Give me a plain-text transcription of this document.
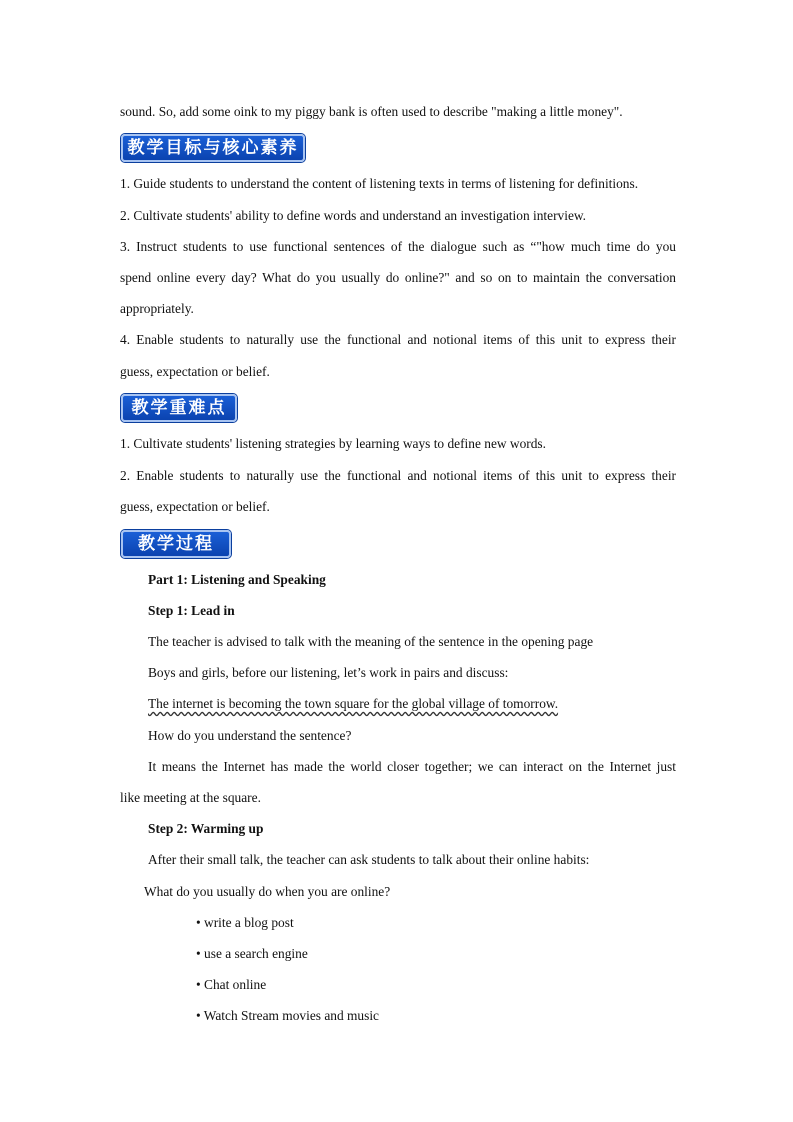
sound. So, add some oink to my piggy bank is often used to describe "making a little money".
教学目标与核心素养
1. Guide students to understand the content of listening texts in terms of listening for definitions.
2. Cultivate students' ability to define words and understand an investigation interview.
3. Instruct students to use functional sentences of the dialogue such as “"how much time do you
spend online every day? What do you usually do online?" and so on to maintain the conversation
appropriately.
4. Enable students to naturally use the functional and notional items of this unit to express their
guess, expectation or belief.
教学重难点
1. Cultivate students' listening strategies by learning ways to define new words.
2. Enable students to naturally use the functional and notional items of this unit to express their
guess, expectation or belief.
教学过程
Part 1: Listening and Speaking
Step 1: Lead in
The teacher is advised to talk with the meaning of the sentence in the opening page
Boys and girls, before our listening, let’s work in pairs and discuss:
The internet is becoming the town square for the global village of tomorrow.
How do you understand the sentence?
It means the Internet has made the world closer together; we can interact on the Internet just
like meeting at the square.
Step 2: Warming up
After their small talk, the teacher can ask students to talk about their online habits:
What do you usually do when you are online?
• write a blog post
• use a search engine
• Chat online
• Watch Stream movies and music
